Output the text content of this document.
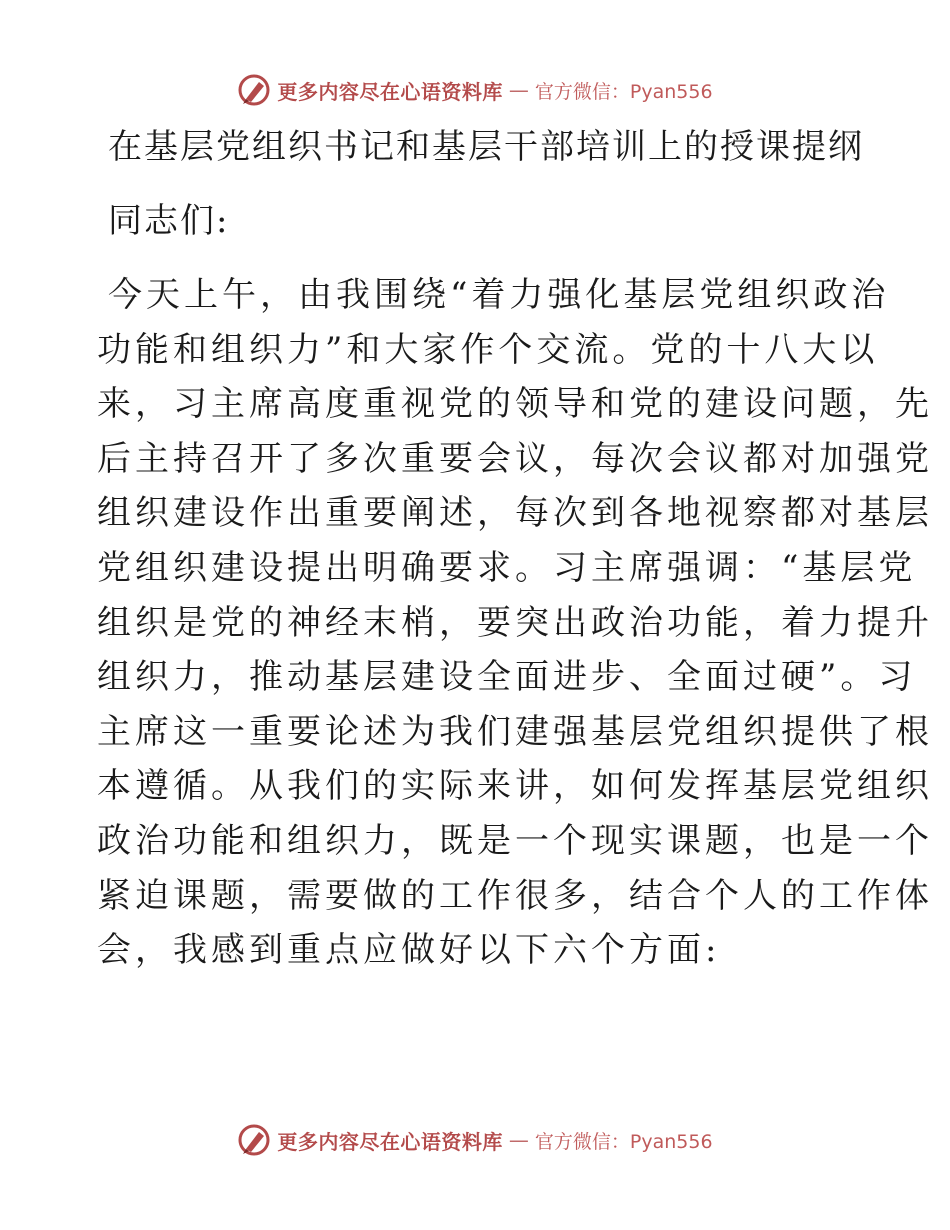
更多内容尽在心语资料库 — 官方微信：Pyan556
在基层党组织书记和基层干部培训上的授课提纲
同志们:
今天上午，由我围绕“着力强化基层党组织政治
功能和组织力”和大家作个交流。党的十八大以
来，习主席高度重视党的领导和党的建设问题，先
后主持召开了多次重要会议，每次会议都对加强党
组织建设作出重要阐述，每次到各地视察都对基层
党组织建设提出明确要求。习主席强调：“基层党
组织是党的神经末梢，要突出政治功能，着力提升
组织力，推动基层建设全面进步、全面过硬”。习
主席这一重要论述为我们建强基层党组织提供了根
本遵循。从我们的实际来讲，如何发挥基层党组织
政治功能和组织力，既是一个现实课题，也是一个
紧迫课题，需要做的工作很多，结合个人的工作体
会，我感到重点应做好以下六个方面:
更多内容尽在心语资料库 — 官方微信：Pyan556
